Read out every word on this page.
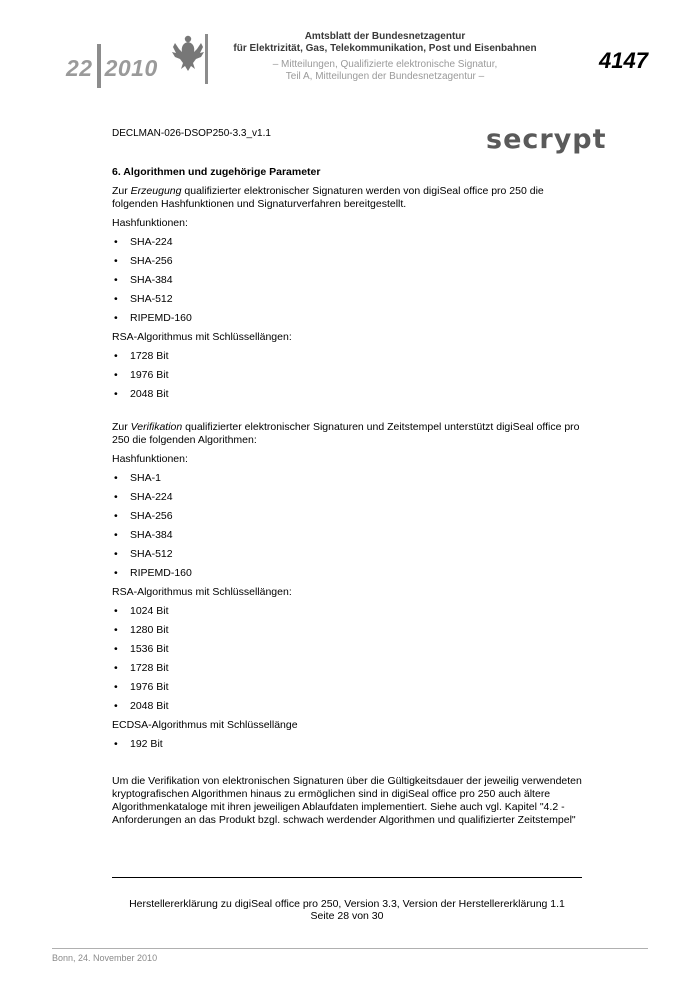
22 2010
Amtsblatt der Bundesnetzagentur
für Elektrizität, Gas, Telekommunikation, Post und Eisenbahnen
– Mitteilungen, Qualifizierte elektronische Signatur,
Teil A, Mitteilungen der Bundesnetzagentur –
4147
DECLMAN-026-DSOP250-3.3_v1.1	secrypt

6. Algorithmen und zugehörige Parameter

Zur Erzeugung qualifizierter elektronischer Signaturen werden von digiSeal office pro 250 die folgenden Hashfunktionen und Signaturverfahren bereitgestellt.

Hashfunktionen:

• SHA-224
• SHA-256
• SHA-384
• SHA-512
• RIPEMD-160

RSA-Algorithmus mit Schlüssellängen:

• 1728 Bit
• 1976 Bit
• 2048 Bit

Zur Verifikation qualifizierter elektronischer Signaturen und Zeitstempel unterstützt digiSeal office pro 250 die folgenden Algorithmen:

Hashfunktionen:

• SHA-1
• SHA-224
• SHA-256
• SHA-384
• SHA-512
• RIPEMD-160

RSA-Algorithmus mit Schlüssellängen:

• 1024 Bit
• 1280 Bit
• 1536 Bit
• 1728 Bit
• 1976 Bit
• 2048 Bit

ECDSA-Algorithmus mit Schlüssellänge

• 192 Bit

Um die Verifikation von elektronischen Signaturen über die Gültigkeitsdauer der jeweilig verwendeten kryptografischen Algorithmen hinaus zu ermöglichen sind in digiSeal office pro 250 auch ältere Algorithmenkataloge mit ihren jeweiligen Ablaufdaten implementiert. Siehe auch vgl. Kapitel "4.2 - Anforderungen an das Produkt bzgl. schwach werdender Algorithmen und qualifizierter Zeitstempel"

Herstellererklärung zu digiSeal office pro 250, Version 3.3, Version der Herstellererklärung 1.1
Seite 28 von 30
Bonn, 24. November 2010
